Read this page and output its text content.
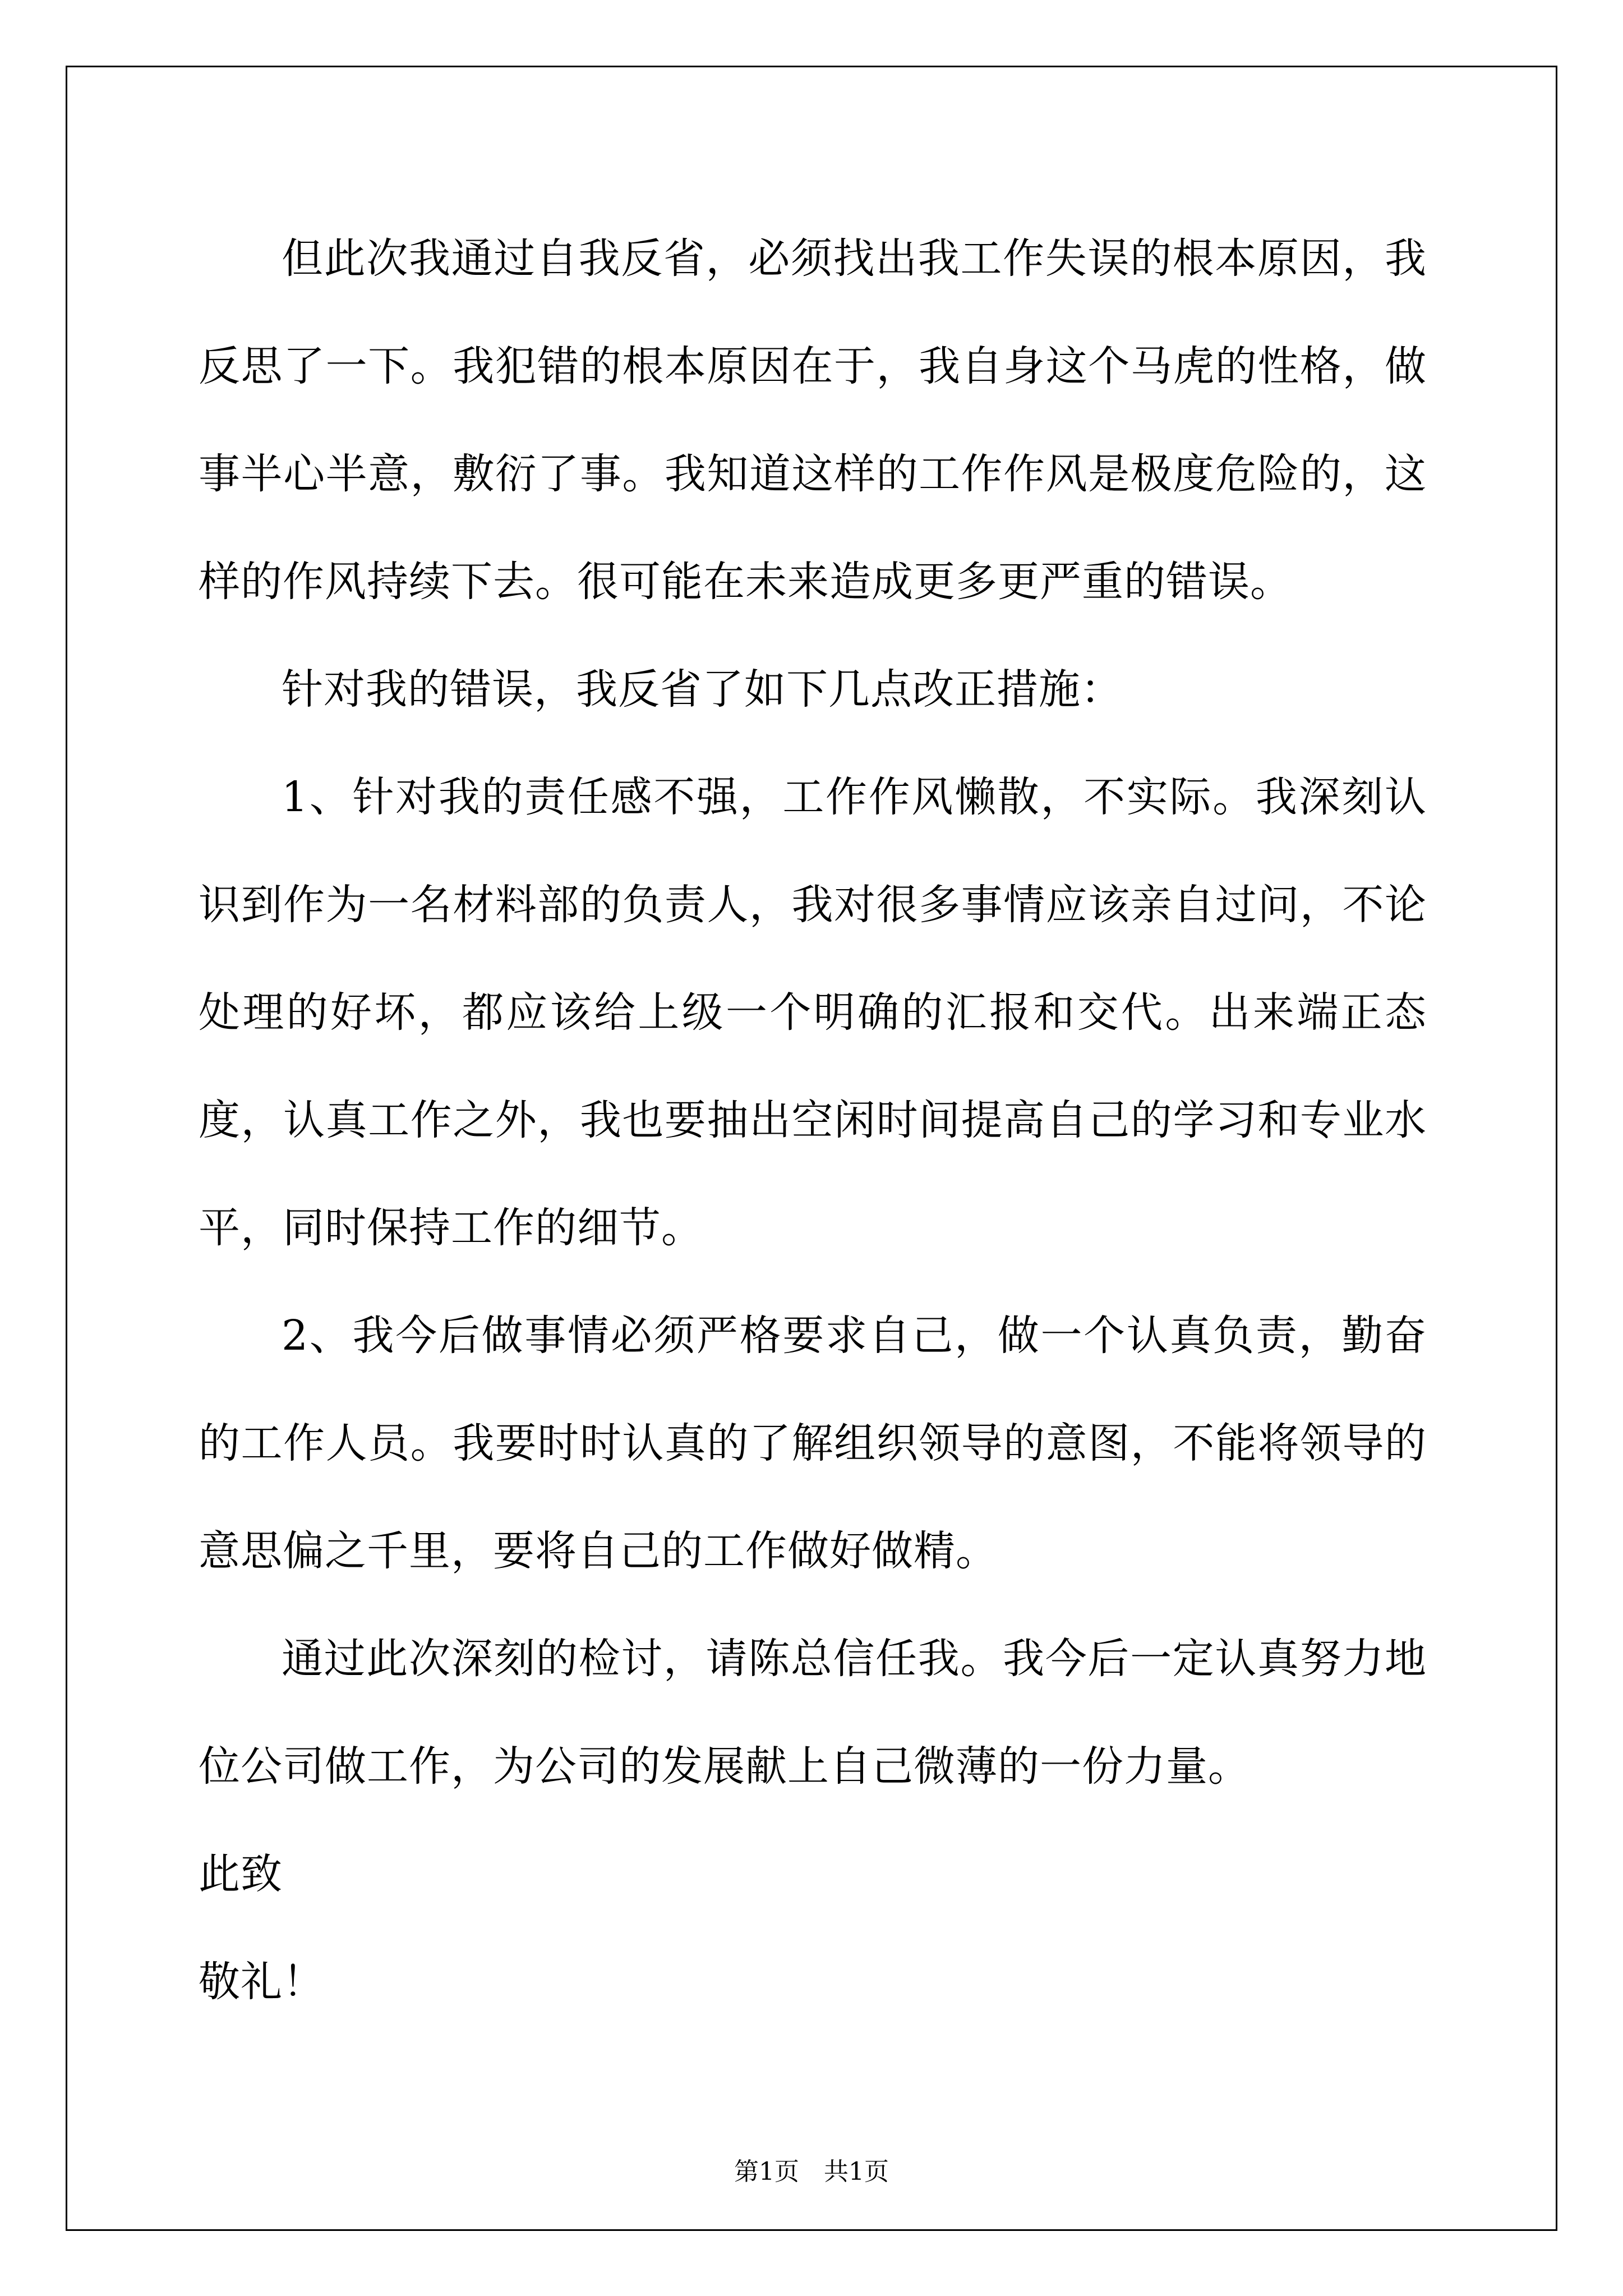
但此次我通过自我反省，必须找出我工作失误的根本原因，我反思了一下。我犯错的根本原因在于，我自身这个马虎的性格，做事半心半意，敷衍了事。我知道这样的工作作风是极度危险的，这样的作风持续下去。很可能在未来造成更多更严重的错误。

针对我的错误，我反省了如下几点改正措施：

1、针对我的责任感不强，工作作风懒散，不实际。我深刻认识到作为一名材料部的负责人，我对很多事情应该亲自过问，不论处理的好坏，都应该给上级一个明确的汇报和交代。出来端正态度，认真工作之外，我也要抽出空闲时间提高自己的学习和专业水平，同时保持工作的细节。

2、我今后做事情必须严格要求自己，做一个认真负责，勤奋的工作人员。我要时时认真的了解组织领导的意图，不能将领导的意思偏之千里，要将自己的工作做好做精。

通过此次深刻的检讨，请陈总信任我。我今后一定认真努力地位公司做工作，为公司的发展献上自己微薄的一份力量。

此致

敬礼！

第1页　共1页
